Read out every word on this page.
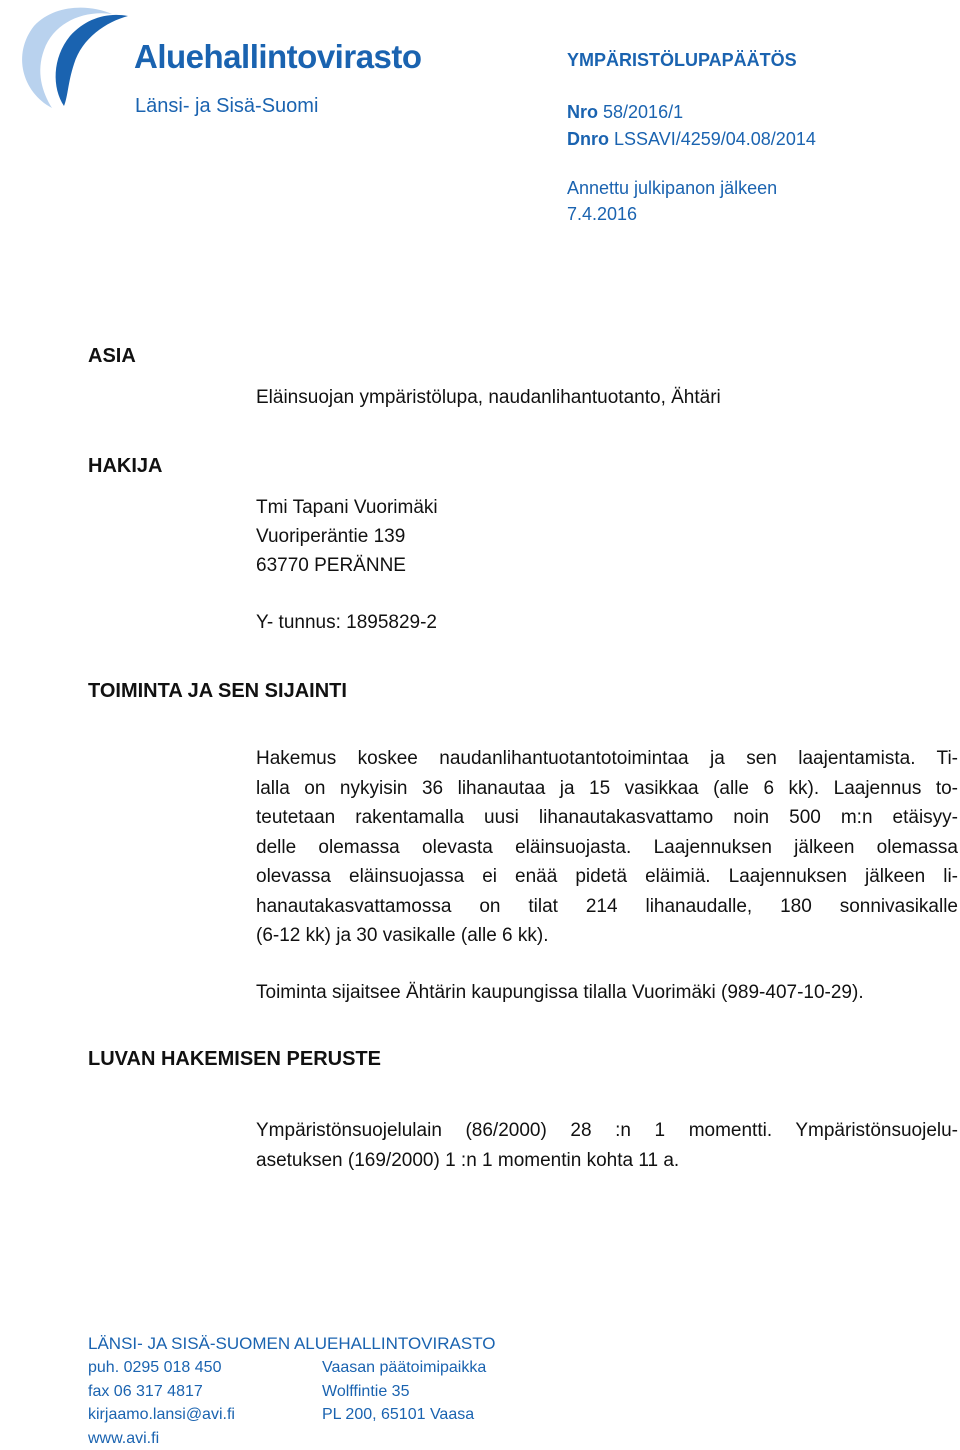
Aluehallintovirasto
Länsi- ja Sisä-Suomi
YMPÄRISTÖLUPAPÄÄTÖS
Nro 58/2016/1
Dnro LSSAVI/4259/04.08/2014
Annettu julkipanon jälkeen
7.4.2016
ASIA
Eläinsuojan ympäristölupa, naudanlihantuotanto, Ähtäri
HAKIJA
Tmi Tapani Vuorimäki
Vuoriperäntie 139
63770 PERÄNNE
Y- tunnus: 1895829-2
TOIMINTA JA SEN SIJAINTI
Hakemus koskee naudanlihantuotantotoimintaa ja sen laajentamista. Ti-
lalla on nykyisin 36 lihanautaa ja 15 vasikkaa (alle 6 kk). Laajennus to-
teutetaan rakentamalla uusi lihanautakasvattamo noin 500 m:n etäisyy-
delle olemassa olevasta eläinsuojasta. Laajennuksen jälkeen olemassa
olevassa eläinsuojassa ei enää pidetä eläimiä. Laajennuksen jälkeen li-
hanautakasvattamossa on tilat 214 lihanaudalle, 180 sonnivasikalle
(6-12 kk) ja 30 vasikalle (alle 6 kk).
Toiminta sijaitsee Ähtärin kaupungissa tilalla Vuorimäki (989-407-10-29).
LUVAN HAKEMISEN PERUSTE
Ympäristönsuojelulain (86/2000) 28 :n 1 momentti. Ympäristönsuojelu-
asetuksen (169/2000) 1 :n 1 momentin kohta 11 a.
LÄNSI- JA SISÄ-SUOMEN ALUEHALLINTOVIRASTO
puh. 0295 018 450
fax 06 317 4817
kirjaamo.lansi@avi.fi
www.avi.fi
Vaasan päätoimipaikka
Wolffintie 35
PL 200, 65101 Vaasa
